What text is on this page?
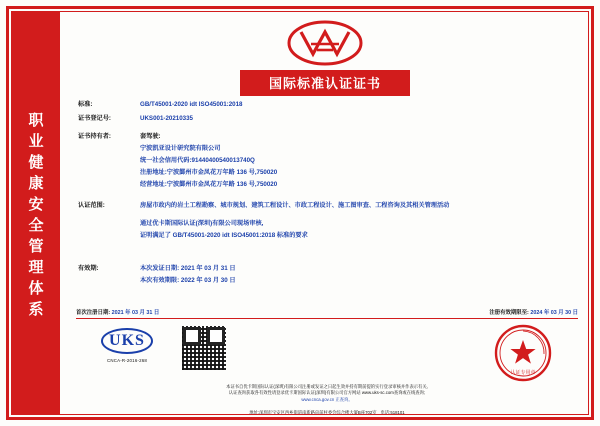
职
业
健
康
安
全
管
理
体
系
国际标准认证证书
标准:	GB/T45001-2020 idt ISO45001:2018
证书登记号:	UKS001-20210335
证书持有者:	套驾驶:
宁波凯亚设计研究院有限公司
统一社会信用代码:91440400540013740Q
注册地址:宁波鄞州市金凤花万年路 136 号,750020
经营地址:宁波鄞州市金凤花万年路 136 号,750020
认证范围:	房屋市政内的岩土工程勘察、城市规划、建筑工程设计、市政工程设计、施工图审查、工程咨询及其相关管理活动
通过优卡斯国际认证(深圳)有限公司现场审核,
证明满足了 GB/T45001-2020 idt ISO45001:2018 标准的要求
有效期:	本次发证日期: 2021 年 03 月 31 日
本次有效期限: 2022 年 03 月 30 日
首次注册日期: 2021 年 03 月 31 日	注册有效期限至: 2024 年 03 月 30 日
UKS
CNCA-R-2016-268
认证专用章
本证书自优卡斯国际认证(深圳)有限公司注册或发证之日起生效并持有期前提的实行登录审核并作表示有关,
认证查询获取各有效性请登录优卡斯国际认证(深圳)有限公司官方网站 www.uks-sc.com查询或在线查询;
www.cnca.gov.cn 正查询。
地址:深圳市宝安区西乡街道南新路向前村委会综合楼大厦B座702室 电话:518101
